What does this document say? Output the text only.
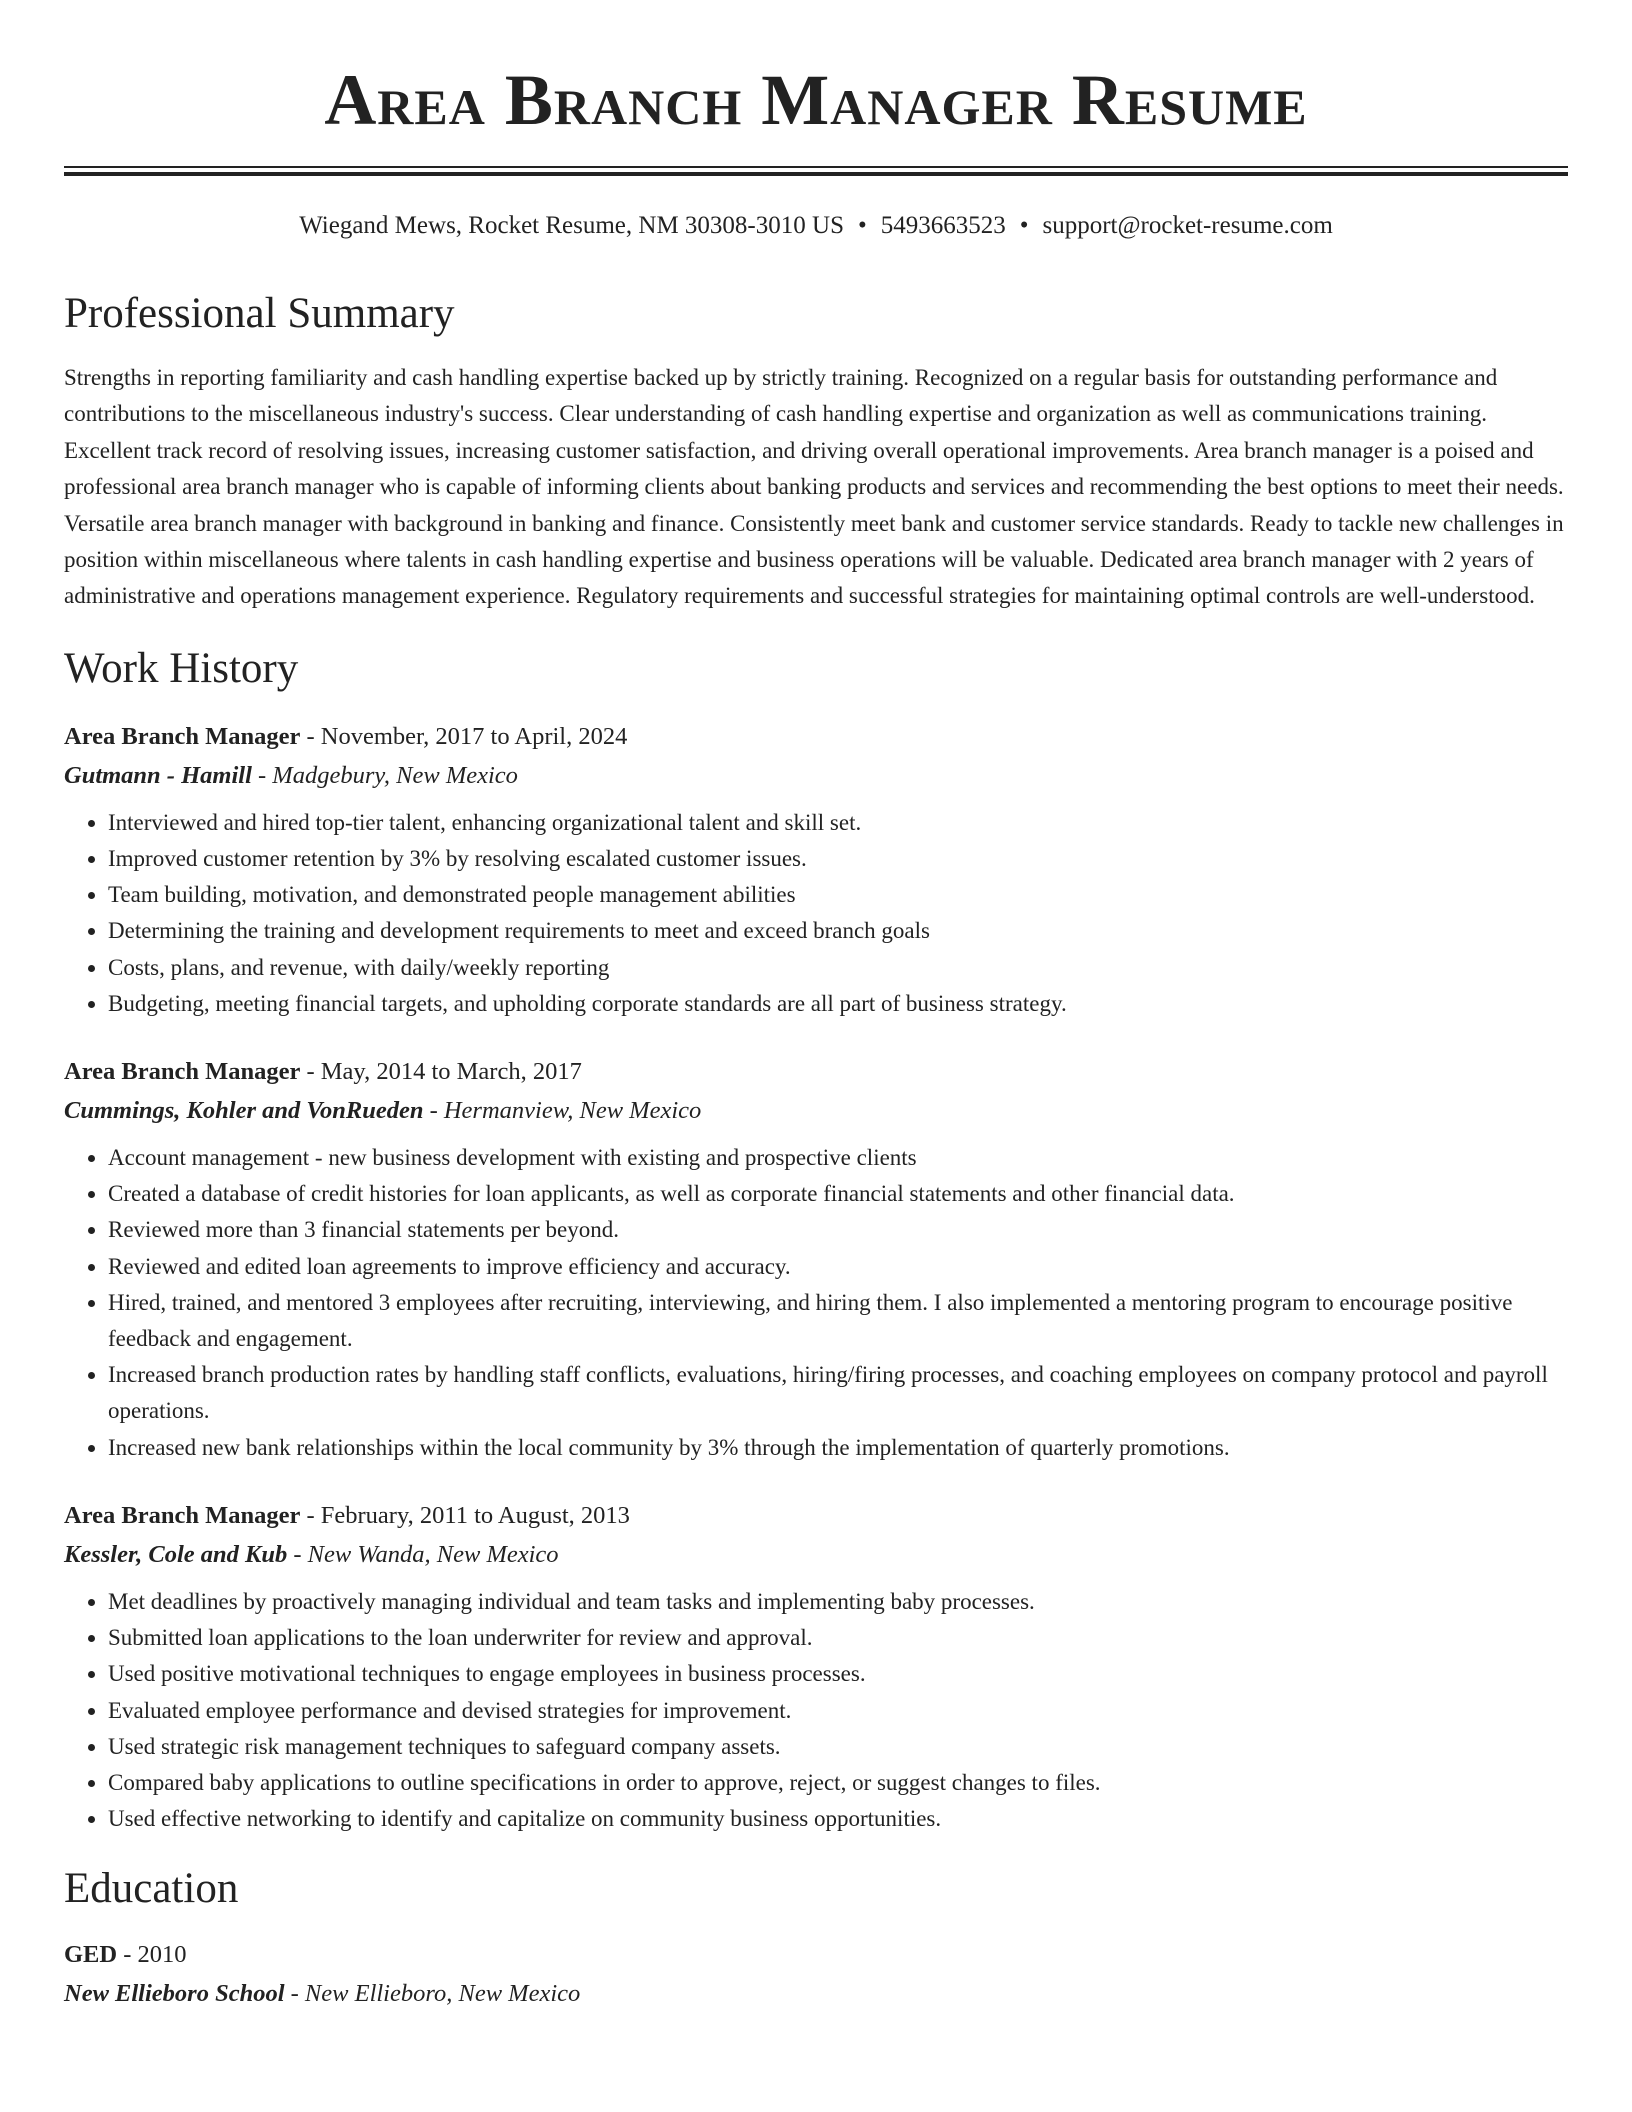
Area Branch Manager Resume
Wiegand Mews, Rocket Resume, NM 30308-3010 US • 5493663523 • support@rocket-resume.com
Professional Summary

Strengths in reporting familiarity and cash handling expertise backed up by strictly training. Recognized on a regular basis for outstanding performance and contributions to the miscellaneous industry's success. Clear understanding of cash handling expertise and organization as well as communications training. Excellent track record of resolving issues, increasing customer satisfaction, and driving overall operational improvements. Area branch manager is a poised and professional area branch manager who is capable of informing clients about banking products and services and recommending the best options to meet their needs. Versatile area branch manager with background in banking and finance. Consistently meet bank and customer service standards. Ready to tackle new challenges in position within miscellaneous where talents in cash handling expertise and business operations will be valuable. Dedicated area branch manager with 2 years of administrative and operations management experience. Regulatory requirements and successful strategies for maintaining optimal controls are well-understood.

Work History
Area Branch Manager - November, 2017 to April, 2024
Gutmann - Hamill - Madgebury, New Mexico
• Interviewed and hired top-tier talent, enhancing organizational talent and skill set.
• Improved customer retention by 3% by resolving escalated customer issues.
• Team building, motivation, and demonstrated people management abilities
• Determining the training and development requirements to meet and exceed branch goals
• Costs, plans, and revenue, with daily/weekly reporting
• Budgeting, meeting financial targets, and upholding corporate standards are all part of business strategy.
Area Branch Manager - May, 2014 to March, 2017
Cummings, Kohler and VonRueden - Hermanview, New Mexico
• Account management - new business development with existing and prospective clients
• Created a database of credit histories for loan applicants, as well as corporate financial statements and other financial data.
• Reviewed more than 3 financial statements per beyond.
• Reviewed and edited loan agreements to improve efficiency and accuracy.
• Hired, trained, and mentored 3 employees after recruiting, interviewing, and hiring them. I also implemented a mentoring program to encourage positive feedback and engagement.
• Increased branch production rates by handling staff conflicts, evaluations, hiring/firing processes, and coaching employees on company protocol and payroll operations.
• Increased new bank relationships within the local community by 3% through the implementation of quarterly promotions.
Area Branch Manager - February, 2011 to August, 2013
Kessler, Cole and Kub - New Wanda, New Mexico
• Met deadlines by proactively managing individual and team tasks and implementing baby processes.
• Submitted loan applications to the loan underwriter for review and approval.
• Used positive motivational techniques to engage employees in business processes.
• Evaluated employee performance and devised strategies for improvement.
• Used strategic risk management techniques to safeguard company assets.
• Compared baby applications to outline specifications in order to approve, reject, or suggest changes to files.
• Used effective networking to identify and capitalize on community business opportunities.
Education
GED - 2010
New Ellieboro School - New Ellieboro, New Mexico
